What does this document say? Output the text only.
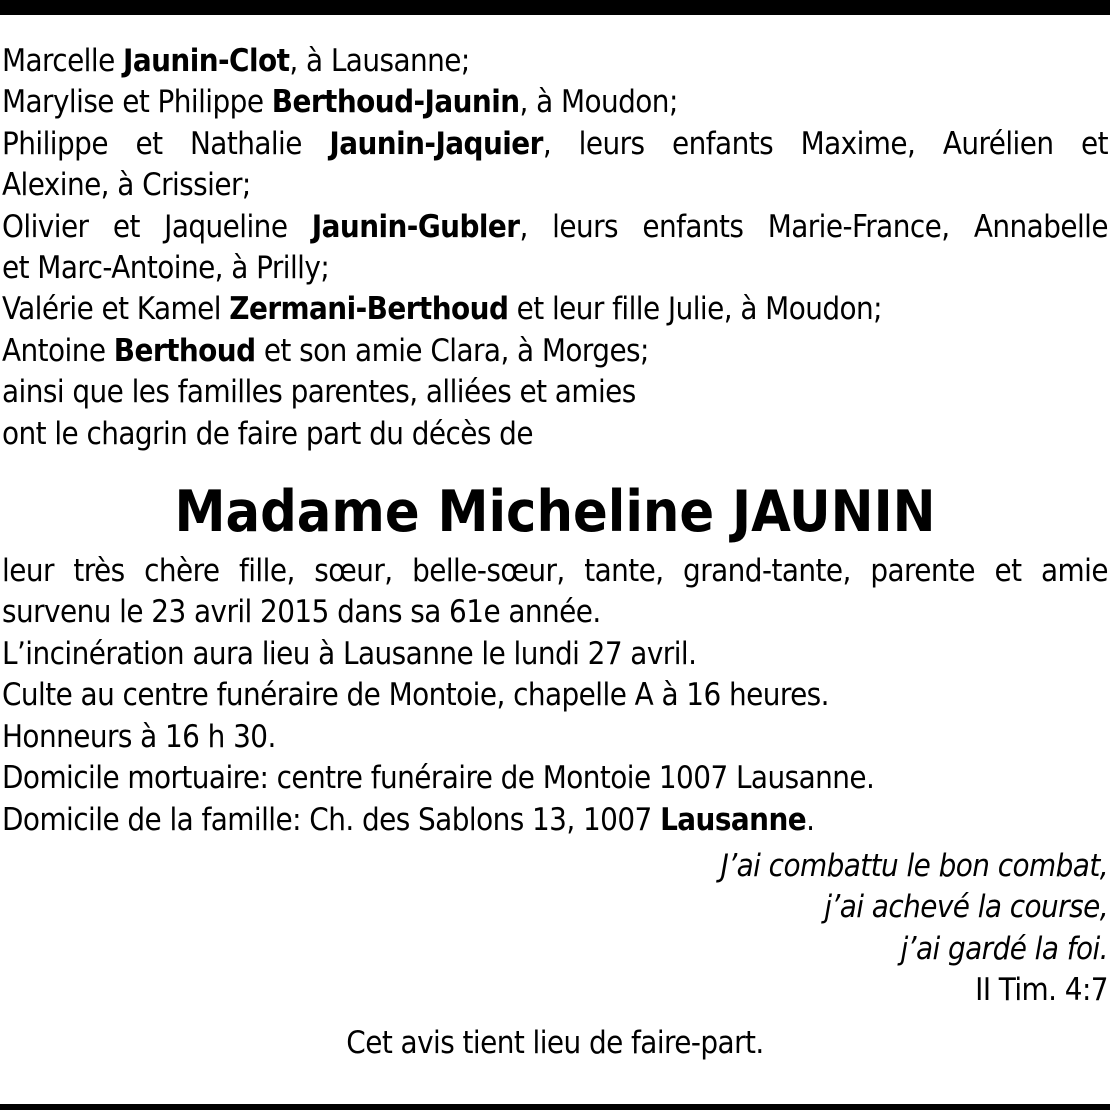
Marcelle Jaunin-Clot, à Lausanne;
Marylise et Philippe Berthoud-Jaunin, à Moudon;
Philippe et Nathalie Jaunin-Jaquier, leurs enfants Maxime, Aurélien et
Alexine, à Crissier;
Olivier et Jaqueline Jaunin-Gubler, leurs enfants Marie-France, Annabelle
et Marc-Antoine, à Prilly;
Valérie et Kamel Zermani-Berthoud et leur fille Julie, à Moudon;
Antoine Berthoud et son amie Clara, à Morges;
ainsi que les familles parentes, alliées et amies
ont le chagrin de faire part du décès de
Madame Micheline JAUNIN
leur très chère fille, sœur, belle-sœur, tante, grand-tante, parente et amie
survenu le 23 avril 2015 dans sa 61e année.
L’incinération aura lieu à Lausanne le lundi 27 avril.
Culte au centre funéraire de Montoie, chapelle A à 16 heures.
Honneurs à 16 h 30.
Domicile mortuaire: centre funéraire de Montoie 1007 Lausanne.
Domicile de la famille: Ch. des Sablons 13, 1007 Lausanne.
J’ai combattu le bon combat,
j’ai achevé la course,
j’ai gardé la foi.
II Tim. 4:7
Cet avis tient lieu de faire-part.
